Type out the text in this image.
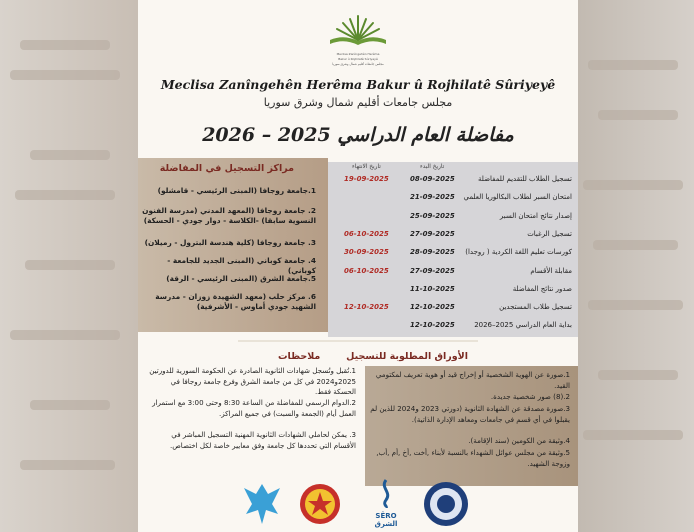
Meclisa Zanîngehên Herêma
Bakur û Rojhilatê Sûriyeyê
مجلس جامعات أقليم شمال وشرق سوريا
Meclisa Zanîngehên Herêma Bakur û Rojhilatê Sûriyeyê
مجلس جامعات أقليم شمال وشرق سوريا
مفاضلة العام الدراسي 2025 – 2026
مراكز التسجيل في المفاضلة
1.جامعة روجافا (المبنى الرئيسي - قامشلو)
2. جامعة روجافا (المعهد المدني (مدرسة الفنون النسوية سابقا) -الكلاسة - دوار جودي - الحسكة)
3. جامعة روجافا (كلية هندسة البترول - رميلان)
4. جامعة كوباني (المبنى الجديد للجامعة - كوباني)
5.جامعة الشرق (المبنى الرئيسي - الرقة)
6. مركز حلب (معهد الشهيدة زوزان - مدرسة الشهيد جودي أماوس - الأشرفية)
تاريخ البدء
تاريخ الانتهاء
تسجيل الطلاب للتقديم للمفاضلة
08-09-2025
19-09-2025
امتحان السبر لطلاب البكالوريا العلمي
21-09-2025
إصدار نتائج امتحان السبر
25-09-2025
تسجيل الرغبات
27-09-2025
06-10-2025
كورسات تعليم اللغة الكردية ( روجدا)
28-09-2025
30-09-2025
مقابلة الأقسام
27-09-2025
06-10-2025
صدور نتائج المفاضلة
11-10-2025
تسجيل طلاب المستجدين
12-10-2025
12-10-2025
بداية العام الدراسي 2025–2026
12-10-2025
ملاحظات
1.تُقبل وتُسجل شهادات الثانوية الصادرة عن الحكومة السورية للدورتين 2025و2024 في كل من جامعة الشرق وفرع جامعة روجافا في الحسكة فقط.
2.الدوام الرسمي للمفاضلة من الساعة 8:30 وحتى 3:00 مع استمرار العمل أيام (الجمعة والسبت) في جميع المراكز.
3. يمكن لحاملي الشهادات الثانوية المهنية التسجيل المباشر في الأقسام التي تحددها كل جامعة وفق معايير خاصة لكل اختصاص.
الأوراق المطلوبة للتسجيل
1.صورة عن الهوية الشخصية أو إخراج قيد أو هوية تعريف لمكتومي القيد.
2.(8) صور شخصية جديدة.
3.صورة مصدقة عن الشهادة الثانوية (دورتي 2023 و2024 للذين لم يقبلوا في أي قسم في جامعات ومعاهد الإدارة الذاتية).
4.وثيقة من الكومين (سند الإقامة).
5.وثيقة من مجلس عوائل الشهداء بالنسبة لأبناء ,أخت ,أخ ,أم ,أب, وزوجة الشهيد.
SÊRO الشرق
